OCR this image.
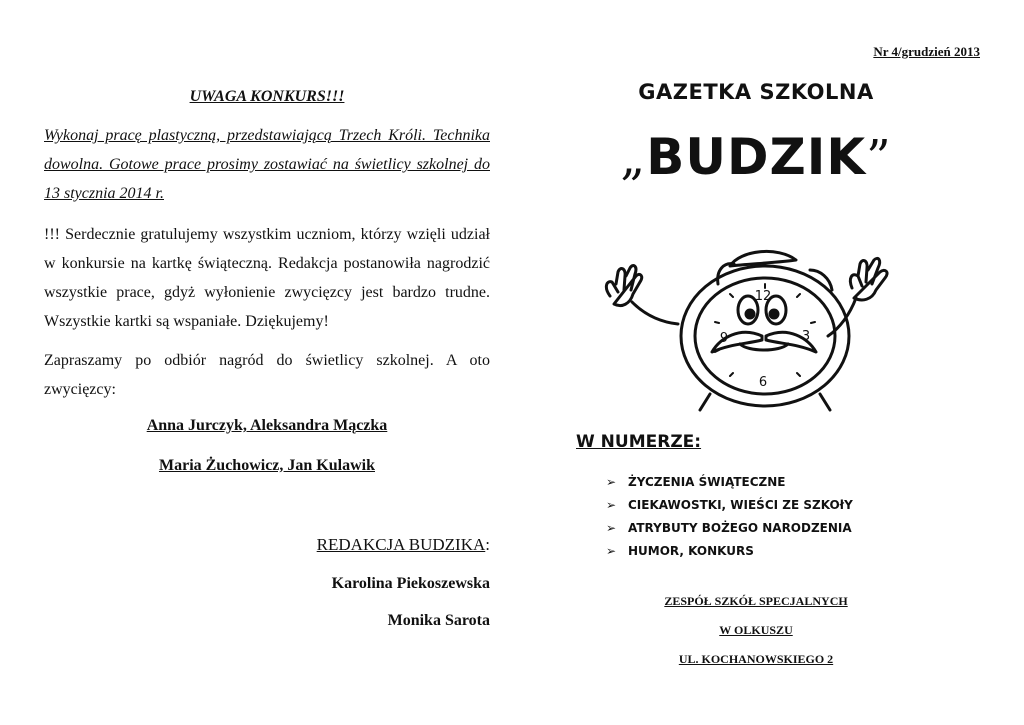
Nr 4/grudzień 2013

UWAGA KONKURS!!!

Wykonaj pracę plastyczną, przedstawiającą Trzech Króli. Technika dowolna. Gotowe prace prosimy zostawiać na świetlicy szkolnej do 13 stycznia 2014 r.

!!! Serdecznie gratulujemy wszystkim uczniom, którzy wzięli udział w konkursie na kartkę świąteczną. Redakcja postanowiła nagrodzić wszystkie prace, gdyż wyłonienie zwycięzcy jest bardzo trudne. Wszystkie kartki są wspaniałe. Dziękujemy!

Zapraszamy po odbiór nagród do świetlicy szkolnej. A oto zwycięzcy:

Anna Jurczyk, Aleksandra Mączka
Maria Żuchowicz, Jan Kulawik
REDAKCJA BUDZIKA:
Karolina Piekoszewska
Monika Sarota
GAZETKA SZKOLNA
„BUDZIK”
12
3
6
9
W NUMERZE:
➢ ŻYCZENIA ŚWIĄTECZNE
➢ CIEKAWOSTKI, WIEŚCI ZE SZKOłY
➢ ATRYBUTY BOŻEGO NARODZENIA
➢ HUMOR, KONKURS
ZESPÓŁ SZKÓŁ SPECJALNYCH
W OLKUSZU
UL. KOCHANOWSKIEGO 2
